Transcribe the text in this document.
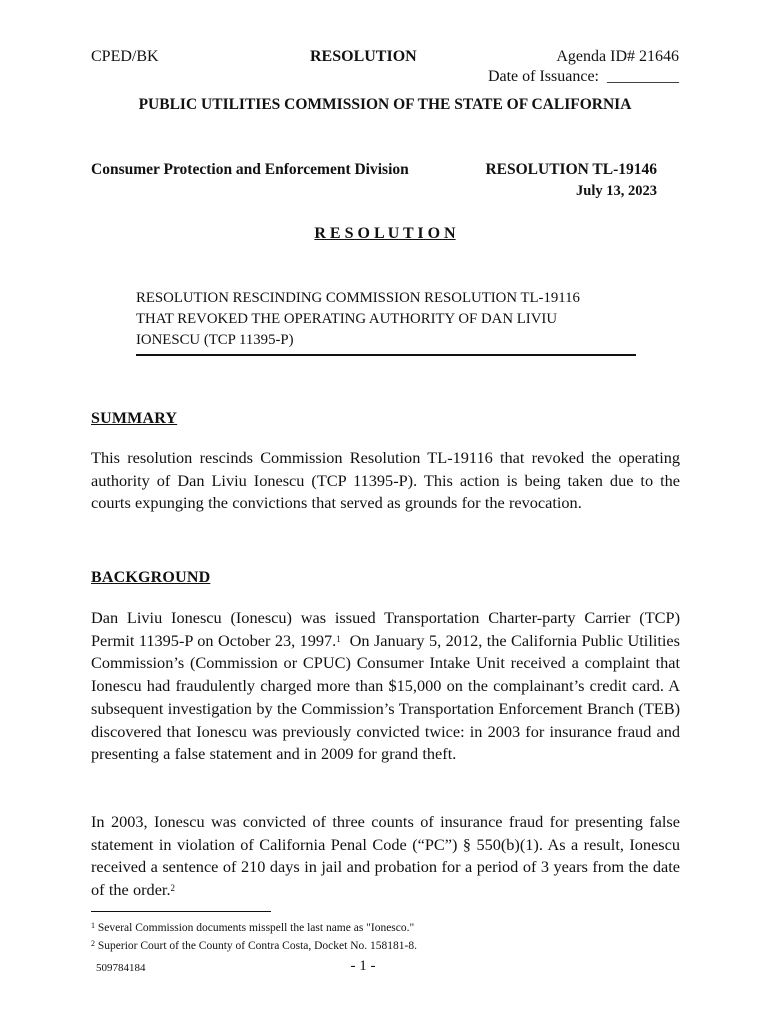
CPED/BK	RESOLUTION	Agenda ID# 21646
Date of Issuance:  _________
PUBLIC UTILITIES COMMISSION OF THE STATE OF CALIFORNIA
Consumer Protection and Enforcement Division	RESOLUTION TL-19146
July 13, 2023
R E S O L U T I O N
RESOLUTION RESCINDING COMMISSION RESOLUTION TL-19116
THAT REVOKED THE OPERATING AUTHORITY OF DAN LIVIU
IONESCU (TCP 11395-P)
SUMMARY

This resolution rescinds Commission Resolution TL-19116 that revoked the operating authority of Dan Liviu Ionescu (TCP 11395-P). This action is being taken due to the courts expunging the convictions that served as grounds for the revocation.

BACKGROUND

Dan Liviu Ionescu (Ionescu) was issued Transportation Charter-party Carrier (TCP) Permit 11395-P on October 23, 1997.$^1$  On January 5, 2012, the California Public Utilities Commission’s (Commission or CPUC) Consumer Intake Unit received a complaint that Ionescu had fraudulently charged more than $15,000 on the complainant’s credit card. A subsequent investigation by the Commission’s Transportation Enforcement Branch (TEB) discovered that Ionescu was previously convicted twice: in 2003 for insurance fraud and presenting a false statement and in 2009 for grand theft.

In 2003, Ionescu was convicted of three counts of insurance fraud for presenting false statement in violation of California Penal Code (“PC”) § 550(b)(1). As a result, Ionescu received a sentence of 210 days in jail and probation for a period of 3 years from the date of the order.$^2$

$^1$ Several Commission documents misspell the last name as "Ionesco."
$^2$ Superior Court of the County of Contra Costa, Docket No. 158181-8.
509784184	- 1 -
